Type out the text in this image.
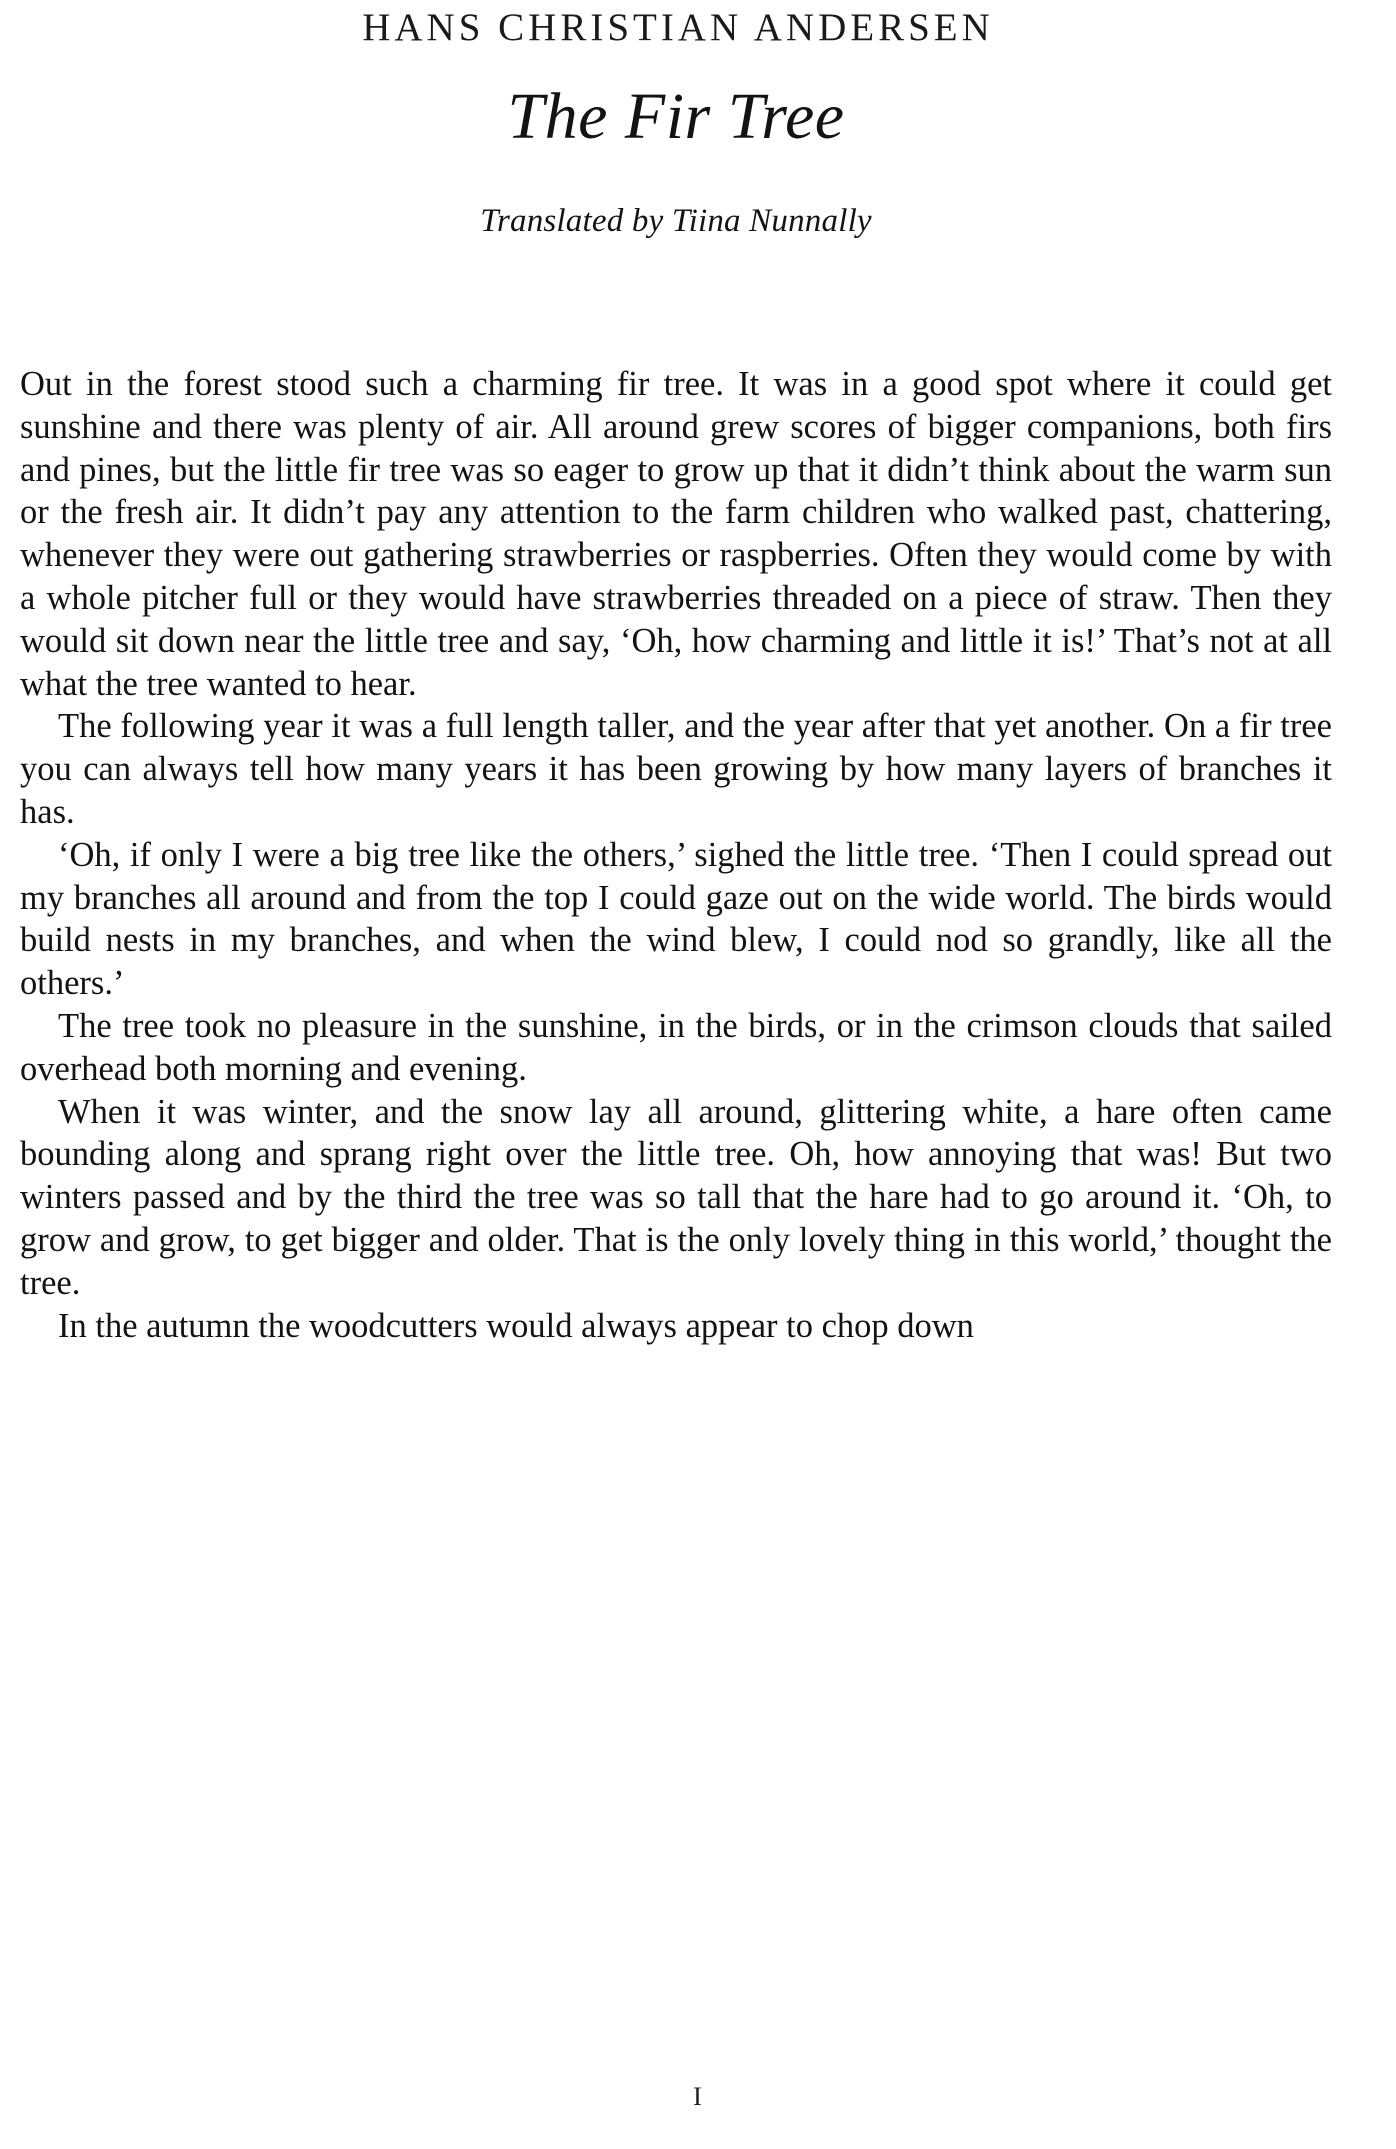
HANS CHRISTIAN ANDERSEN
The Fir Tree
Translated by Tiina Nunnally

Out in the forest stood such a charming fir tree. It was in a good spot where it could get sunshine and there was plenty of air. All around grew scores of bigger companions, both firs and pines, but the little fir tree was so eager to grow up that it didn’t think about the warm sun or the fresh air. It didn’t pay any attention to the farm children who walked past, chattering, whenever they were out gathering strawberries or raspberries. Often they would come by with a whole pitcher full or they would have strawberries threaded on a piece of straw. Then they would sit down near the little tree and say, ‘Oh, how charming and little it is!’ That’s not at all what the tree wanted to hear.

The following year it was a full length taller, and the year after that yet another. On a fir tree you can always tell how many years it has been growing by how many layers of branches it has.

‘Oh, if only I were a big tree like the others,’ sighed the little tree. ‘Then I could spread out my branches all around and from the top I could gaze out on the wide world. The birds would build nests in my branches, and when the wind blew, I could nod so grandly, like all the others.’

The tree took no pleasure in the sunshine, in the birds, or in the crimson clouds that sailed overhead both morning and evening.

When it was winter, and the snow lay all around, glittering white, a hare often came bounding along and sprang right over the little tree. Oh, how annoying that was! But two winters passed and by the third the tree was so tall that the hare had to go around it. ‘Oh, to grow and grow, to get bigger and older. That is the only lovely thing in this world,’ thought the tree.

In the autumn the woodcutters would always appear to chop down

I
